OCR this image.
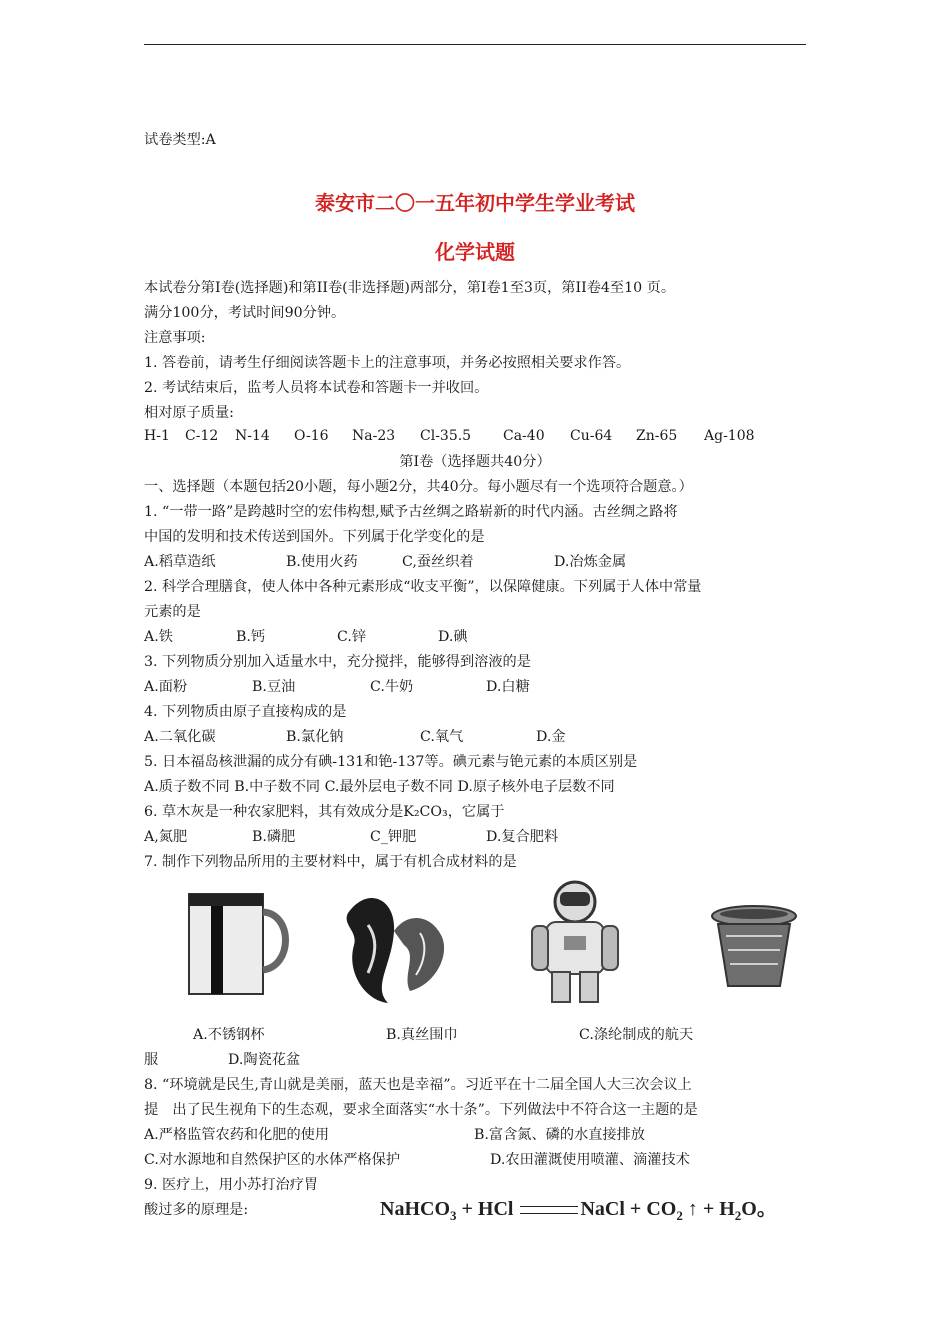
试卷类型:A
泰安市二〇一五年初中学生学业考试
化学试题
本试卷分第I卷(选择题)和第II卷(非选择题)两部分，第I卷1至3页，第II卷4至10 页。
满分100分，考试时间90分钟。
注意事项:
1. 答卷前，请考生仔细阅读答题卡上的注意事项，并务必按照相关要求作答。
2. 考试结束后，监考人员将本试卷和答题卡一并收回。
相对原子质量:
H-1 C-12 N-14 O-16 Na-23 Cl-35.5 Ca-40 Cu-64 Zn-65 Ag-108
第I卷（选择题共40分）
一、选择题（本题包括20小题，每小题2分，共40分。每小题尽有一个选项符合题意。）
1. “一带一路”是跨越时空的宏伟构想,赋予古丝绸之路崭新的时代内涵。古丝绸之路将
中国的发明和技术传送到国外。下列属于化学变化的是
A.稻草造纸	B.使用火药	C,蚕丝织着	D.冶炼金属
2. 科学合理膳食，使人体中各种元素形成“收支平衡”，以保障健康。下列属于人体中常量
元素的是
A.铁	B.钙	C.锌	D.碘
3. 下列物质分别加入适量水中，充分搅拌，能够得到溶液的是
A.面粉	B.豆油	C.牛奶	D.白糖
4. 下列物质由原子直接构成的是
A.二氧化碳	B.氯化钠	C.氧气	D.金
5. 日本福岛核泄漏的成分有碘-131和铯-137等。碘元素与铯元素的本质区别是
A.质子数不同 B.中子数不同 C.最外层电子数不同 D.原子核外电子层数不同
6. 草木灰是一种农家肥料，其有效成分是K₂CO₃，它属于
A,氮肥	B.磷肥	C_钾肥	D.复合肥料
7. 制作下列物品所用的主要材料中，属于有机合成材料的是
A.不锈钢杯	B.真丝围巾	C.涤纶制成的航天
服	D.陶瓷花盆
8. “环境就是民生,青山就是美丽，蓝天也是幸福”。习近平在十二届全国人大三次会议上
提　出了民生视角下的生态观，要求全面落实“水十条”。下列做法中不符合这一主题的是
A.严格监管农药和化肥的使用	B.富含氮、磷的水直接排放
C.对水源地和自然保护区的水体严格保护	D.农田灌溉使用喷灌、滴灌技术
9. 医疗上，用小苏打治疗胃
酸过多的原理是:	NaHCO$_3$ + HCl	NaCl + $CO_2$ ↑ + $H_2O$。
